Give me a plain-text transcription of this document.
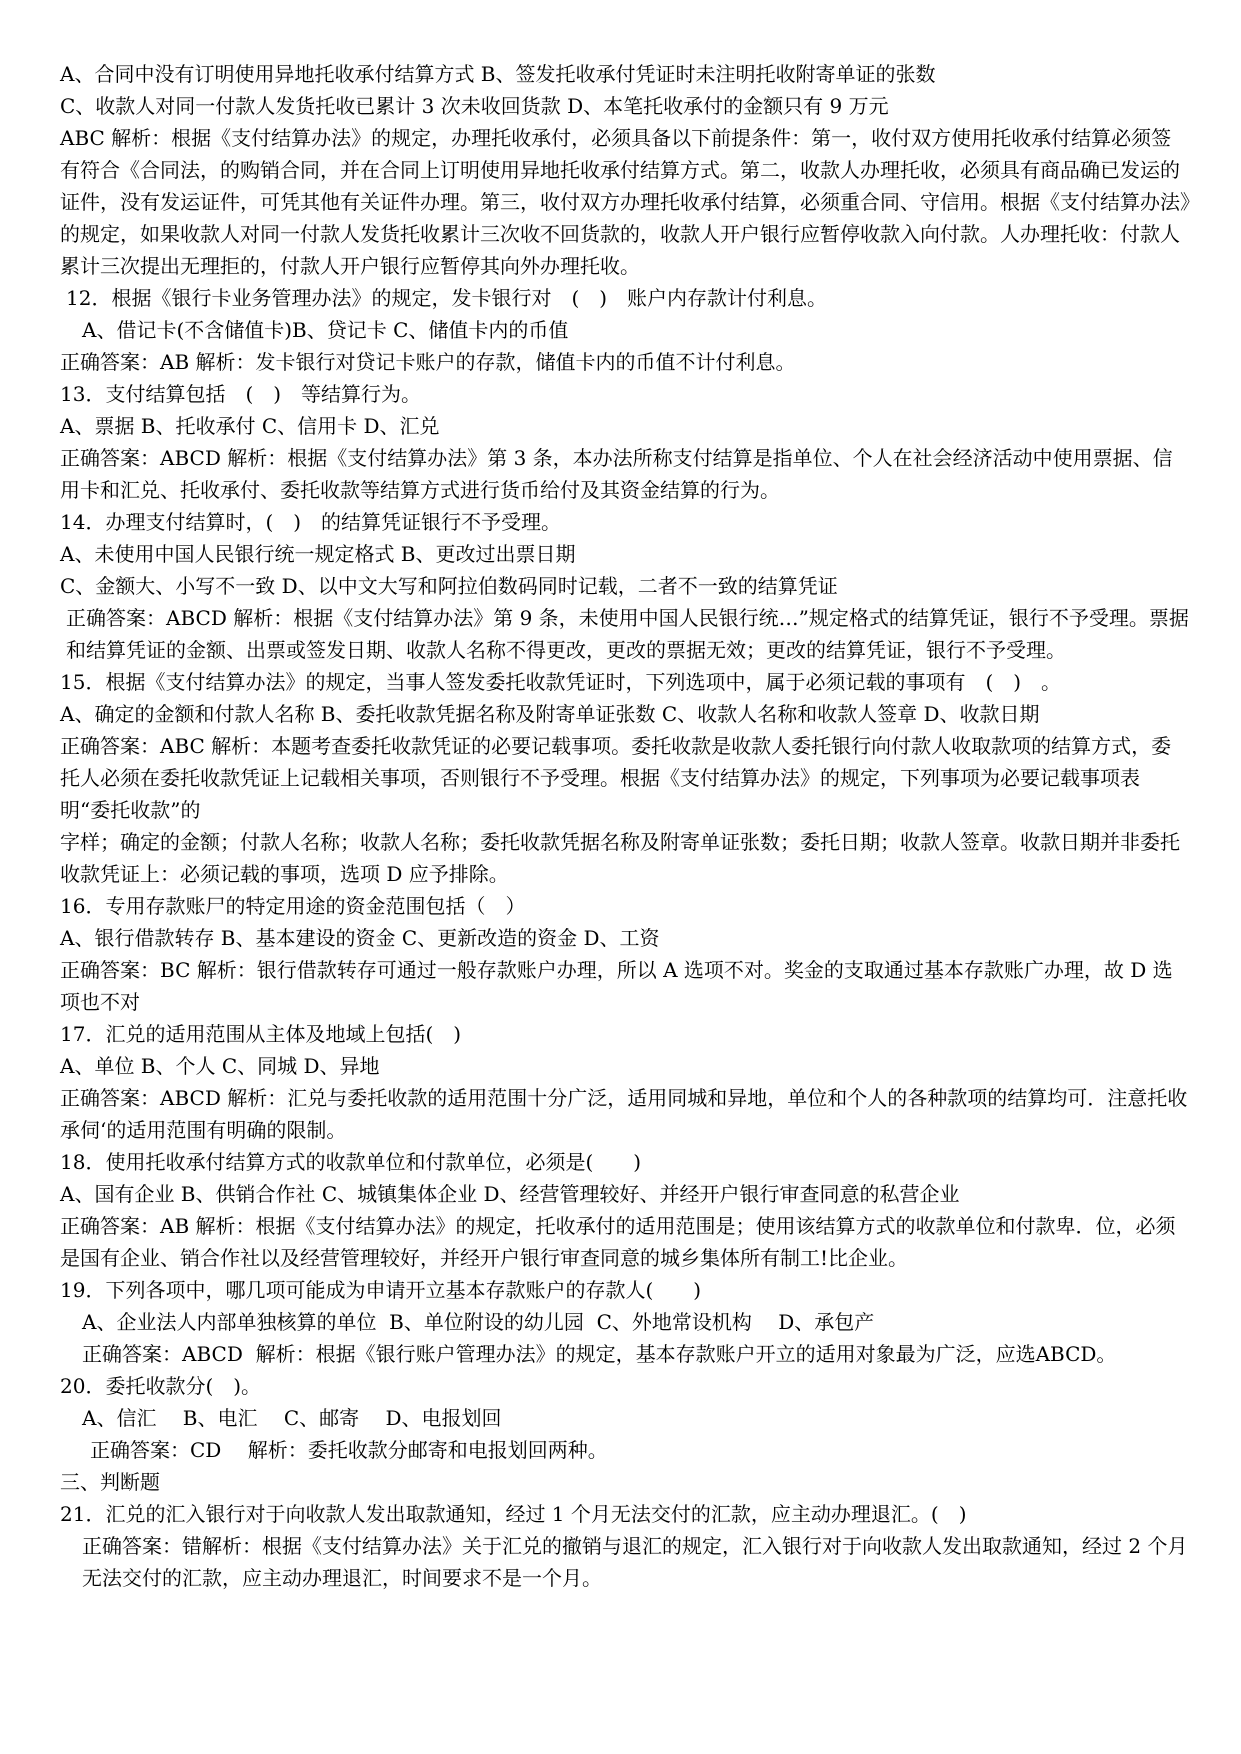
A、合同中没有订明使用异地托收承付结算方式 B、签发托收承付凭证时未注明托收附寄单证的张数

C、收款人对同一付款人发货托收已累计 3 次未收回货款 D、本笔托收承付的金额只有 9 万元

ABC 解析：根据《支付结算办法》的规定，办理托收承付，必须具备以下前提条件：第一，收付双方使用托收承付结算必须签有符合《合同法，的购销合同，并在合同上订明使用异地托收承付结算方式。第二，收款人办理托收，必须具有商品确已发运的证件，没有发运证件，可凭其他有关证件办理。第三，收付双方办理托收承付结算，必须重合同、守信用。根据《支付结算办法》的规定，如果收款人对同一付款人发货托收累计三次收不回货款的，收款人开户银行应暂停收款入向付款。人办理托收：付款人累计三次提出无理拒的，付款人开户银行应暂停其向外办理托收。

12．根据《银行卡业务管理办法》的规定，发卡银行对　(　)　账户内存款计付利息。

A、借记卡(不含储值卡)B、贷记卡 C、储值卡内的币值

正确答案：AB 解析：发卡银行对贷记卡账户的存款，储值卡内的币值不计付利息。

13．支付结算包括　(　)　等结算行为。

A、票据 B、托收承付 C、信用卡 D、汇兑

正确答案：ABCD 解析：根据《支付结算办法》第 3 条，本办法所称支付结算是指单位、个人在社会经济活动中使用票据、信用卡和汇兑、托收承付、委托收款等结算方式进行货币给付及其资金结算的行为。

14．办理支付结算时，(　)　的结算凭证银行不予受理。

A、未使用中国人民银行统一规定格式 B、更改过出票日期

C、金额大、小写不一致 D、以中文大写和阿拉伯数码同时记载，二者不一致的结算凭证

正确答案：ABCD 解析：根据《支付结算办法》第 9 条，未使用中国人民银行统…”规定格式的结算凭证，银行不予受理。票据和结算凭证的金额、出票或签发日期、收款人名称不得更改，更改的票据无效；更改的结算凭证，银行不予受理。

15．根据《支付结算办法》的规定，当事人签发委托收款凭证时，下列选项中，属于必须记载的事项有　(　)　。

A、确定的金额和付款人名称 B、委托收款凭据名称及附寄单证张数 C、收款人名称和收款人签章 D、收款日期

正确答案：ABC 解析：本题考查委托收款凭证的必要记载事项。委托收款是收款人委托银行向付款人收取款项的结算方式，委托人必须在委托收款凭证上记载相关事项，否则银行不予受理。根据《支付结算办法》的规定，下列事项为必要记载事项表明“委托收款”的

字样；确定的金额；付款人名称；收款人名称；委托收款凭据名称及附寄单证张数；委托日期；收款人签章。收款日期并非委托收款凭证上：必须记载的事项，选项 D 应予排除。

16．专用存款账尸的特定用途的资金范围包括（　）

A、银行借款转存 B、基本建设的资金 C、更新改造的资金 D、工资

正确答案：BC 解析：银行借款转存可通过一般存款账户办理，所以 A 选项不对。奖金的支取通过基本存款账广办理，故 D 选项也不对

17．汇兑的适用范围从主体及地域上包括(　)

A、单位 B、个人 C、同城 D、异地

正确答案：ABCD 解析：汇兑与委托收款的适用范围十分广泛，适用同城和异地，单位和个人的各种款项的结算均可．注意托收承伺‘的适用范围有明确的限制。

18．使用托收承付结算方式的收款单位和付款单位，必须是(　　)

A、国有企业 B、供销合作社 C、城镇集体企业 D、经营管理较好、并经开户银行审查同意的私营企业

正确答案：AB 解析：根据《支付结算办法》的规定，托收承付的适用范围是；使用该结算方式的收款单位和付款卑．位，必须是国有企业、销合作社以及经营管理较好，并经开户银行审查同意的城乡集体所有制工!比企业。

19．下列各项中，哪几项可能成为申请开立基本存款账户的存款人(　　)

A、企业法人内部单独核算的单位  B、单位附设的幼儿园  C、外地常设机构　 D、承包产

正确答案：ABCD  解析：根据《银行账户管理办法》的规定，基本存款账户开立的适用对象最为广泛，应选ABCD。

20．委托收款分(　)。

A、信汇　 B、电汇　 C、邮寄　 D、电报划回

正确答案：CD　 解析：委托收款分邮寄和电报划回两种。

三、判断题

21．汇兑的汇入银行对于向收款人发出取款通知，经过 1 个月无法交付的汇款，应主动办理退汇。(　)

正确答案：错解析：根据《支付结算办法》关于汇兑的撤销与退汇的规定，汇入银行对于向收款人发出取款通知，经过 2 个月无法交付的汇款，应主动办理退汇，时间要求不是一个月。
